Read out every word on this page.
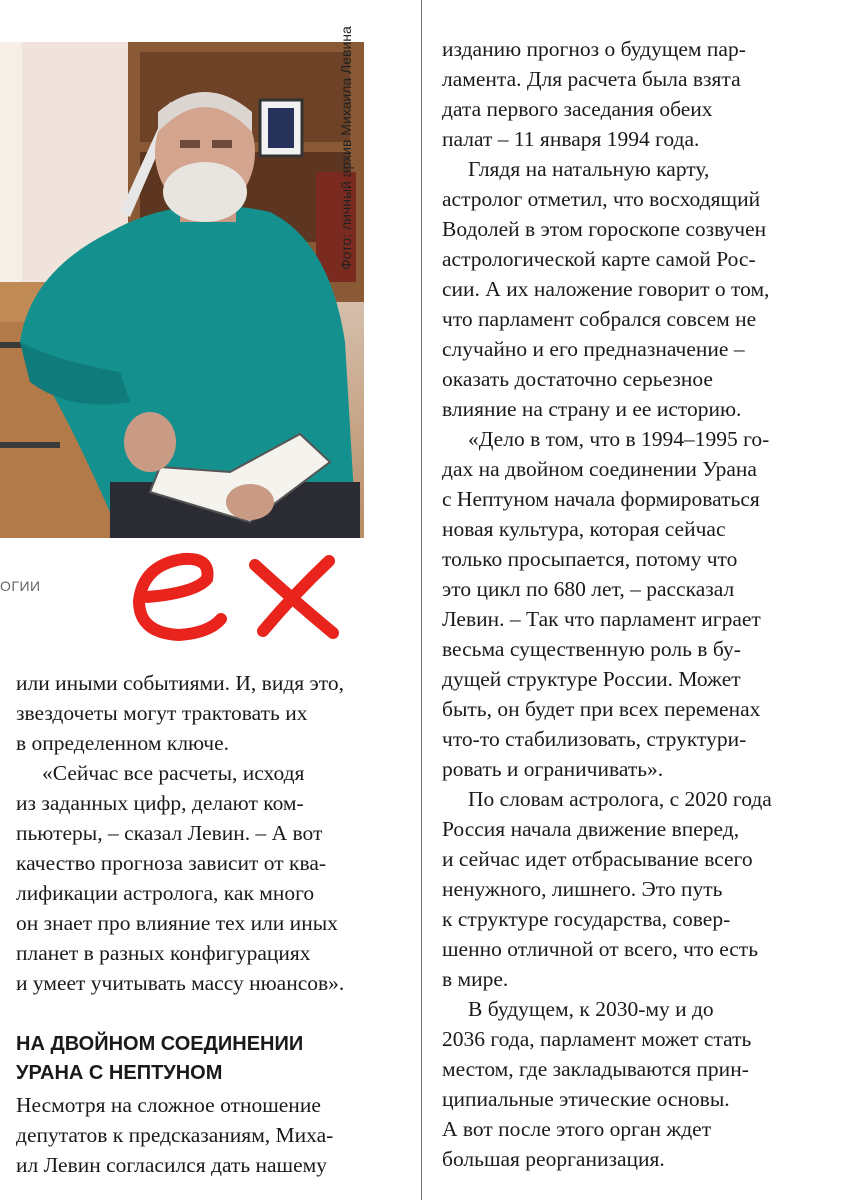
Фото: личный архив Михаила Левина
ОГИИ
или иными событиями. И, видя это,
звездочеты могут трактовать их
в определенном ключе.
«Сейчас все расчеты, исходя
из заданных цифр, делают ком-
пьютеры, – сказал Левин. – А вот
качество прогноза зависит от ква-
лификации астролога, как много
он знает про влияние тех или иных
планет в разных конфигурациях
и умеет учитывать массу нюансов».
НА ДВОЙНОМ СОЕДИНЕНИИ
УРАНА С НЕПТУНОМ
Несмотря на сложное отношение
депутатов к предсказаниям, Миха-
ил Левин согласился дать нашему
изданию прогноз о будущем пар-
ламента. Для расчета была взята
дата первого заседания обеих
палат – 11 января 1994 года.
Глядя на натальную карту,
астролог отметил, что восходящий
Водолей в этом гороскопе созвучен
астрологической карте самой Рос-
сии. А их наложение говорит о том,
что парламент собрался совсем не
случайно и его предназначение –
оказать достаточно серьезное
влияние на страну и ее историю.
«Дело в том, что в 1994–1995 го-
дах на двойном соединении Урана
с Нептуном начала формироваться
новая культура, которая сейчас
только просыпается, потому что
это цикл по 680 лет, – рассказал
Левин. – Так что парламент играет
весьма существенную роль в бу-
дущей структуре России. Может
быть, он будет при всех переменах
что-то стабилизовать, структури-
ровать и ограничивать».
По словам астролога, с 2020 года
Россия начала движение вперед,
и сейчас идет отбрасывание всего
ненужного, лишнего. Это путь
к структуре государства, совер-
шенно отличной от всего, что есть
в мире.
В будущем, к 2030-му и до
2036 года, парламент может стать
местом, где закладываются прин-
ципиальные этические основы.
А вот после этого орган ждет
большая реорганизация.
